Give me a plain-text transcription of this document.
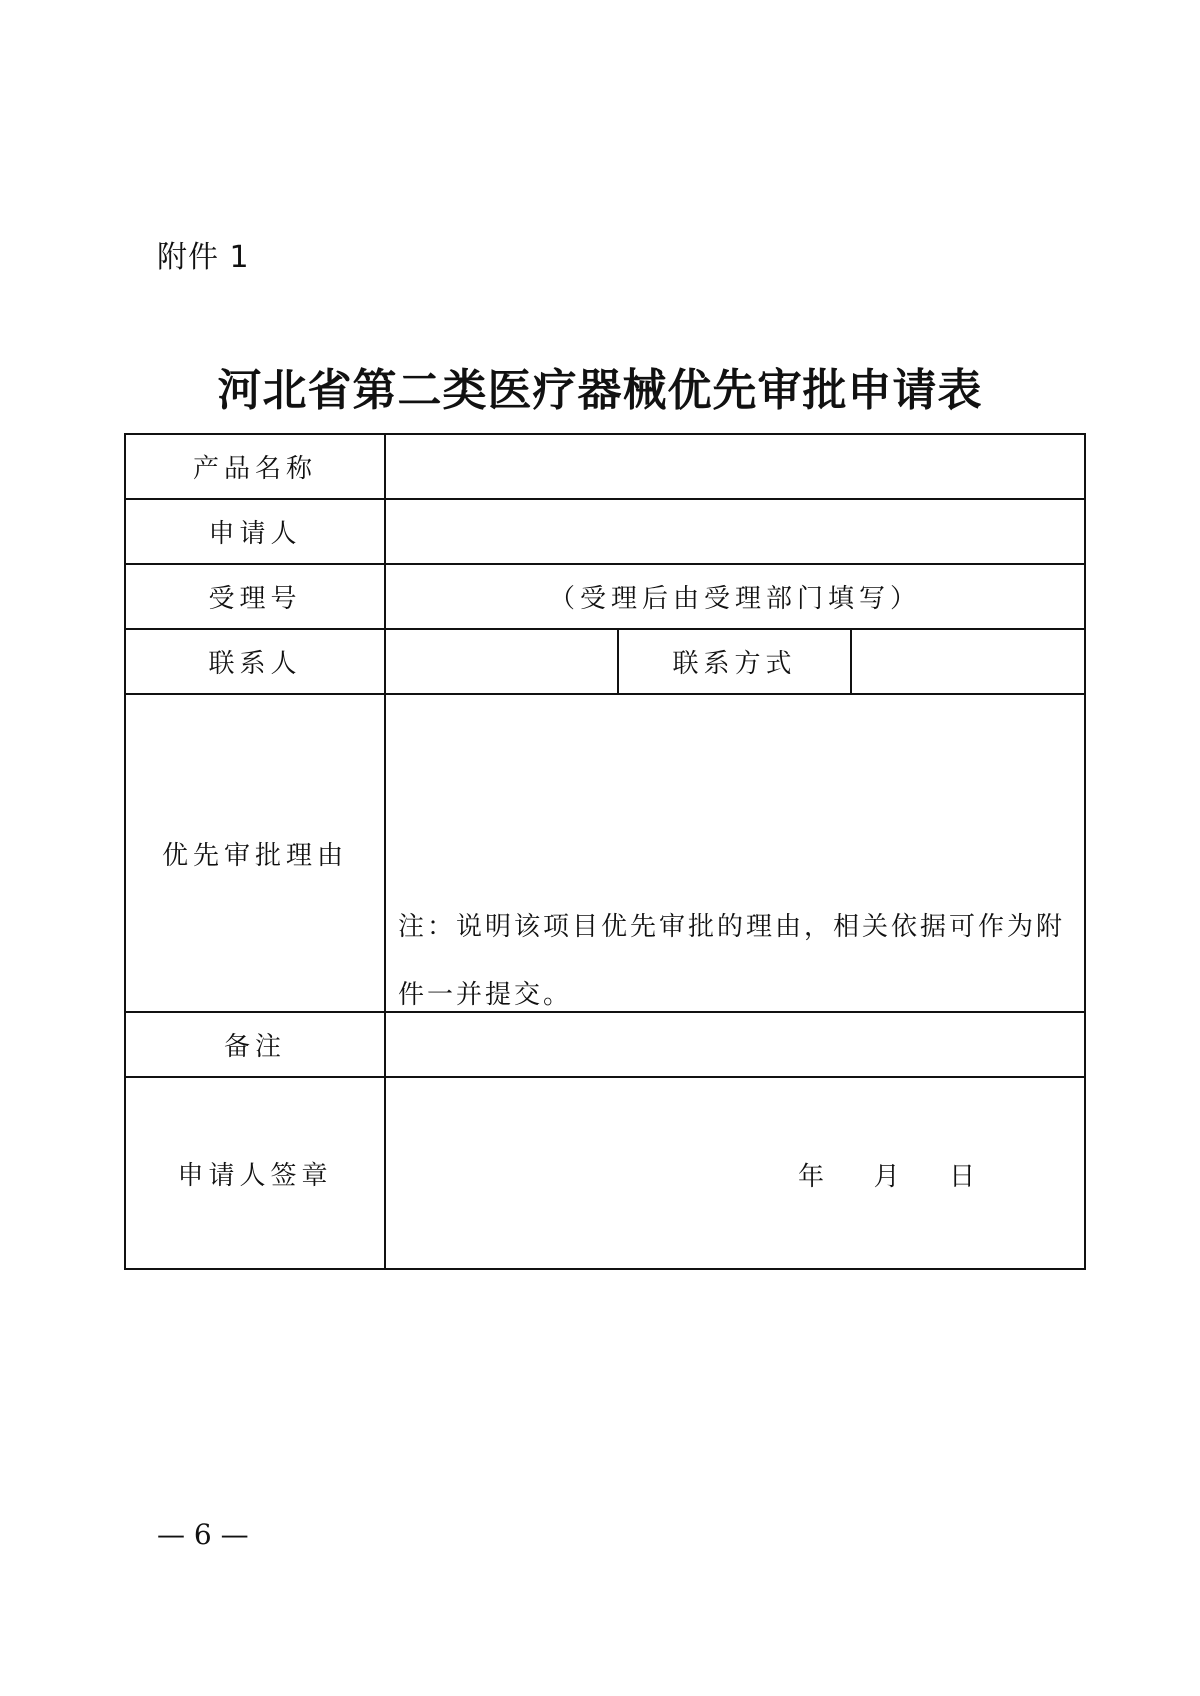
附件 1
河北省第二类医疗器械优先审批申请表
产品名称			
申请人			
受理号	（受理后由受理部门填写）		
联系人		联系方式	
优先审批理由	注：说明该项目优先审批的理由，相关依据可作为附件一并提交。		

备注			
申请人签章	年      月      日		
— 6 —
